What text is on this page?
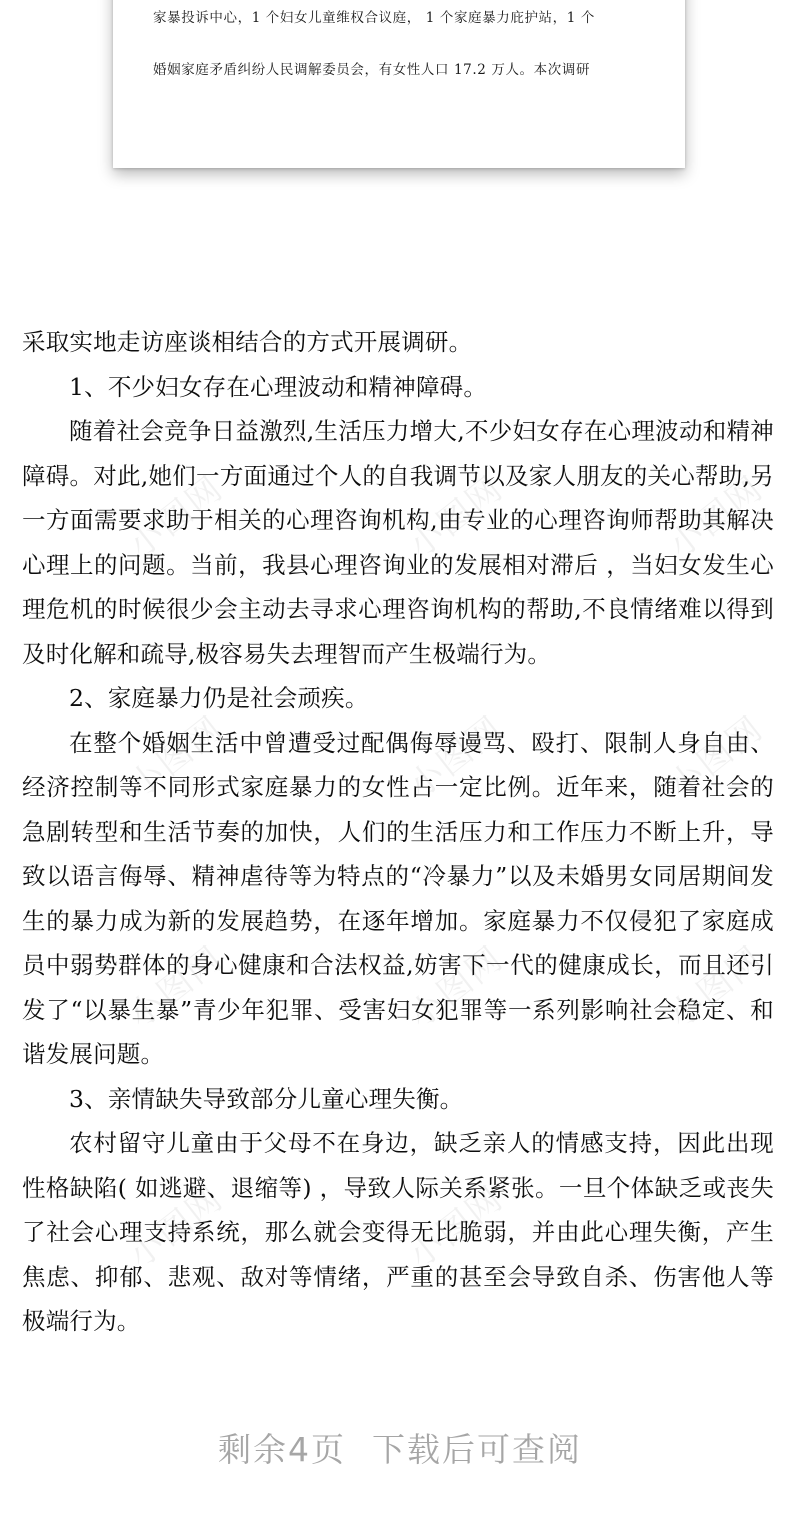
家暴投诉中心，1 个妇女儿童维权合议庭， 1 个家庭暴力庇护站，1 个

婚姻家庭矛盾纠纷人民调解委员会，有女性人口 17.2 万人。本次调研

小图网	小图网	小图网
小图网	小图网	小图网
小图网	小图网	小图网
小图网	小图网

采取实地走访座谈相结合的方式开展调研。

1、不少妇女存在心理波动和精神障碍。

随着社会竞争日益激烈,生活压力增大,不少妇女存在心理波动和精神障碍。对此,她们一方面通过个人的自我调节以及家人朋友的关心帮助,另一方面需要求助于相关的心理咨询机构,由专业的心理咨询师帮助其解决心理上的问题。当前，我县心理咨询业的发展相对滞后 ，当妇女发生心理危机的时候很少会主动去寻求心理咨询机构的帮助,不良情绪难以得到及时化解和疏导,极容易失去理智而产生极端行为。

2、家庭暴力仍是社会顽疾。

在整个婚姻生活中曾遭受过配偶侮辱谩骂、殴打、限制人身自由、经济控制等不同形式家庭暴力的女性占一定比例。近年来，随着社会的急剧转型和生活节奏的加快，人们的生活压力和工作压力不断上升，导致以语言侮辱、精神虐待等为特点的“冷暴力”以及未婚男女同居期间发生的暴力成为新的发展趋势，在逐年增加。家庭暴力不仅侵犯了家庭成员中弱势群体的身心健康和合法权益,妨害下一代的健康成长，而且还引发了“以暴生暴”青少年犯罪、受害妇女犯罪等一系列影响社会稳定、和谐发展问题。

3、亲情缺失导致部分儿童心理失衡。

农村留守儿童由于父母不在身边，缺乏亲人的情感支持，因此出现性格缺陷( 如逃避、退缩等) ，导致人际关系紧张。一旦个体缺乏或丧失了社会心理支持系统，那么就会变得无比脆弱，并由此心理失衡，产生焦虑、抑郁、悲观、敌对等情绪，严重的甚至会导致自杀、伤害他人等极端行为。

剩余4页 下载后可查阅
